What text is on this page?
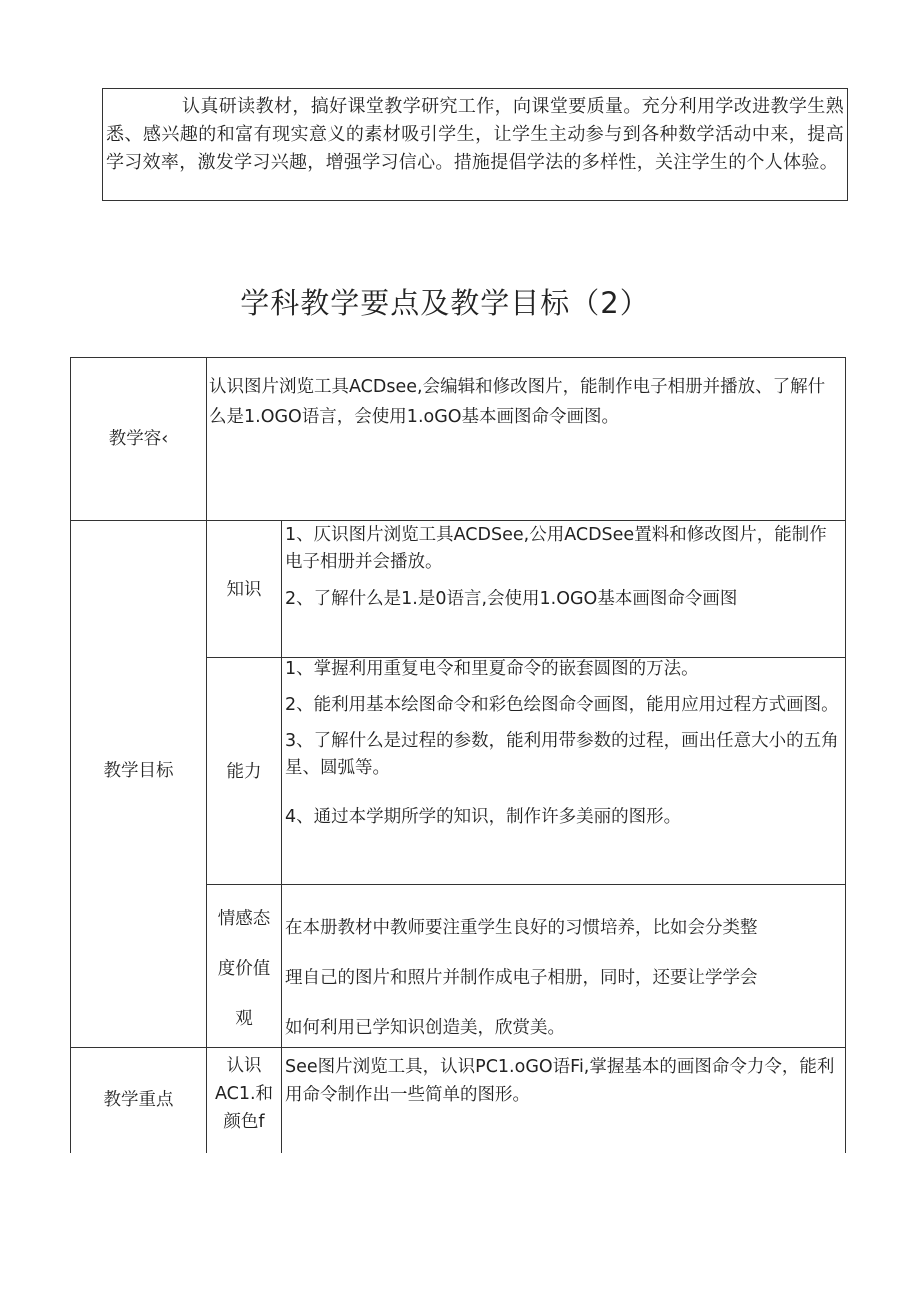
认真研读教材，搞好课堂教学研究工作，向课堂要质量。充分利用学改进教学生熟悉、感兴趣的和富有现实意义的素材吸引学生，让学生主动参与到各种数学活动中来，提高学习效率，激发学习兴趣，增强学习信心。措施提倡学法的多样性，关注学生的个人体验。
学科教学要点及教学目标（2）
教学容‹
认识图片浏览工具ACDsee,会编辑和修改图片，能制作电子相册并播放、了解什么是1.OGO语言，会使用1.oGO基本画图命令画图。
教学目标
知识

1、仄识图片浏览工具ACDSee,公用ACDSee置料和修改图片，能制作电子相册并会播放。

2、了解什么是1.是0语言,会使用1.OGO基本画图命令画图

能力

1、掌握利用重复电令和里夏命令的嵌套圆图的万法。

2、能利用基本绘图命令和彩色绘图命令画图，能用应用过程方式画图。

3、了解什么是过程的参数，能利用带参数的过程，画出任意大小的五角星、圆弧等。

4、通过本学期所学的知识，制作许多美丽的图形。

情感态
度价值
观
在本册教材中教师要注重学生良好的习惯培养，比如会分类整
理自己的图片和照片并制作成电子相册，同时，还要让学学会
如何利用已学知识创造美，欣赏美。
教学重点
认识
AC1.和
颜色f
See图片浏览工具，认识PC1.oGO语Fi,掌握基本的画图命令力令，能利用命令制作出一些简单的图形。
